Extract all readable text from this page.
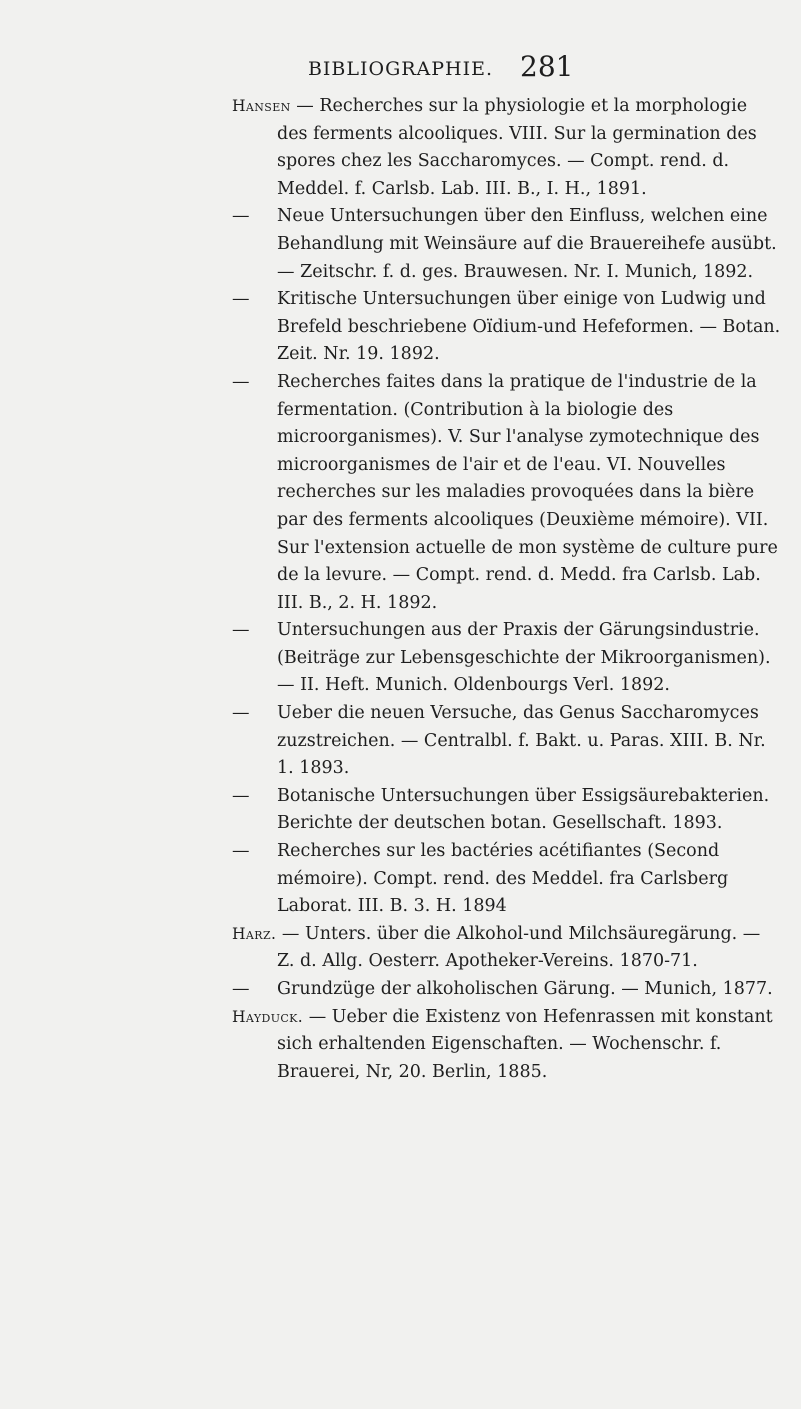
BIBLIOGRAPHIE. 281

Hansen — Recherches sur la physiologie et la morphologie des ferments alcooliques. VIII. Sur la germination des spores chez les Saccharomyces. — Compt. rend. d. Meddel. f. Carlsb. Lab. III. B., I. H., 1891.

— Neue Untersuchungen über den Einfluss, welchen eine Behandlung mit Weinsäure auf die Brauereihefe ausübt. — Zeitschr. f. d. ges. Brauwesen. Nr. I. Munich, 1892.

— Kritische Untersuchungen über einige von Ludwig und Brefeld beschriebene Oïdium-und Hefeformen. — Botan. Zeit. Nr. 19. 1892.

— Recherches faites dans la pratique de l'industrie de la fermentation. (Contribution à la biologie des microorganismes). V. Sur l'analyse zymotechnique des microorganismes de l'air et de l'eau. VI. Nouvelles recherches sur les maladies provoquées dans la bière par des ferments alcooliques (Deuxième mémoire). VII. Sur l'extension actuelle de mon système de culture pure de la levure. — Compt. rend. d. Medd. fra Carlsb. Lab. III. B., 2. H. 1892.

— Untersuchungen aus der Praxis der Gärungsindustrie. (Beiträge zur Lebensgeschichte der Mikroorganismen). — II. Heft. Munich. Oldenbourgs Verl. 1892.

— Ueber die neuen Versuche, das Genus Saccharomyces zuzstreichen. — Centralbl. f. Bakt. u. Paras. XIII. B. Nr. 1. 1893.

— Botanische Untersuchungen über Essigsäurebakterien. Berichte der deutschen botan. Gesellschaft. 1893.

— Recherches sur les bactéries acétifiantes (Second mémoire). Compt. rend. des Meddel. fra Carlsberg Laborat. III. B. 3. H. 1894

Harz. — Unters. über die Alkohol-und Milchsäuregärung. — Z. d. Allg. Oesterr. Apotheker-Vereins. 1870-71.

— Grundzüge der alkoholischen Gärung. — Munich, 1877.

Hayduck. — Ueber die Existenz von Hefenrassen mit konstant sich erhaltenden Eigenschaften. — Wochenschr. f. Brauerei, Nr, 20. Berlin, 1885.
